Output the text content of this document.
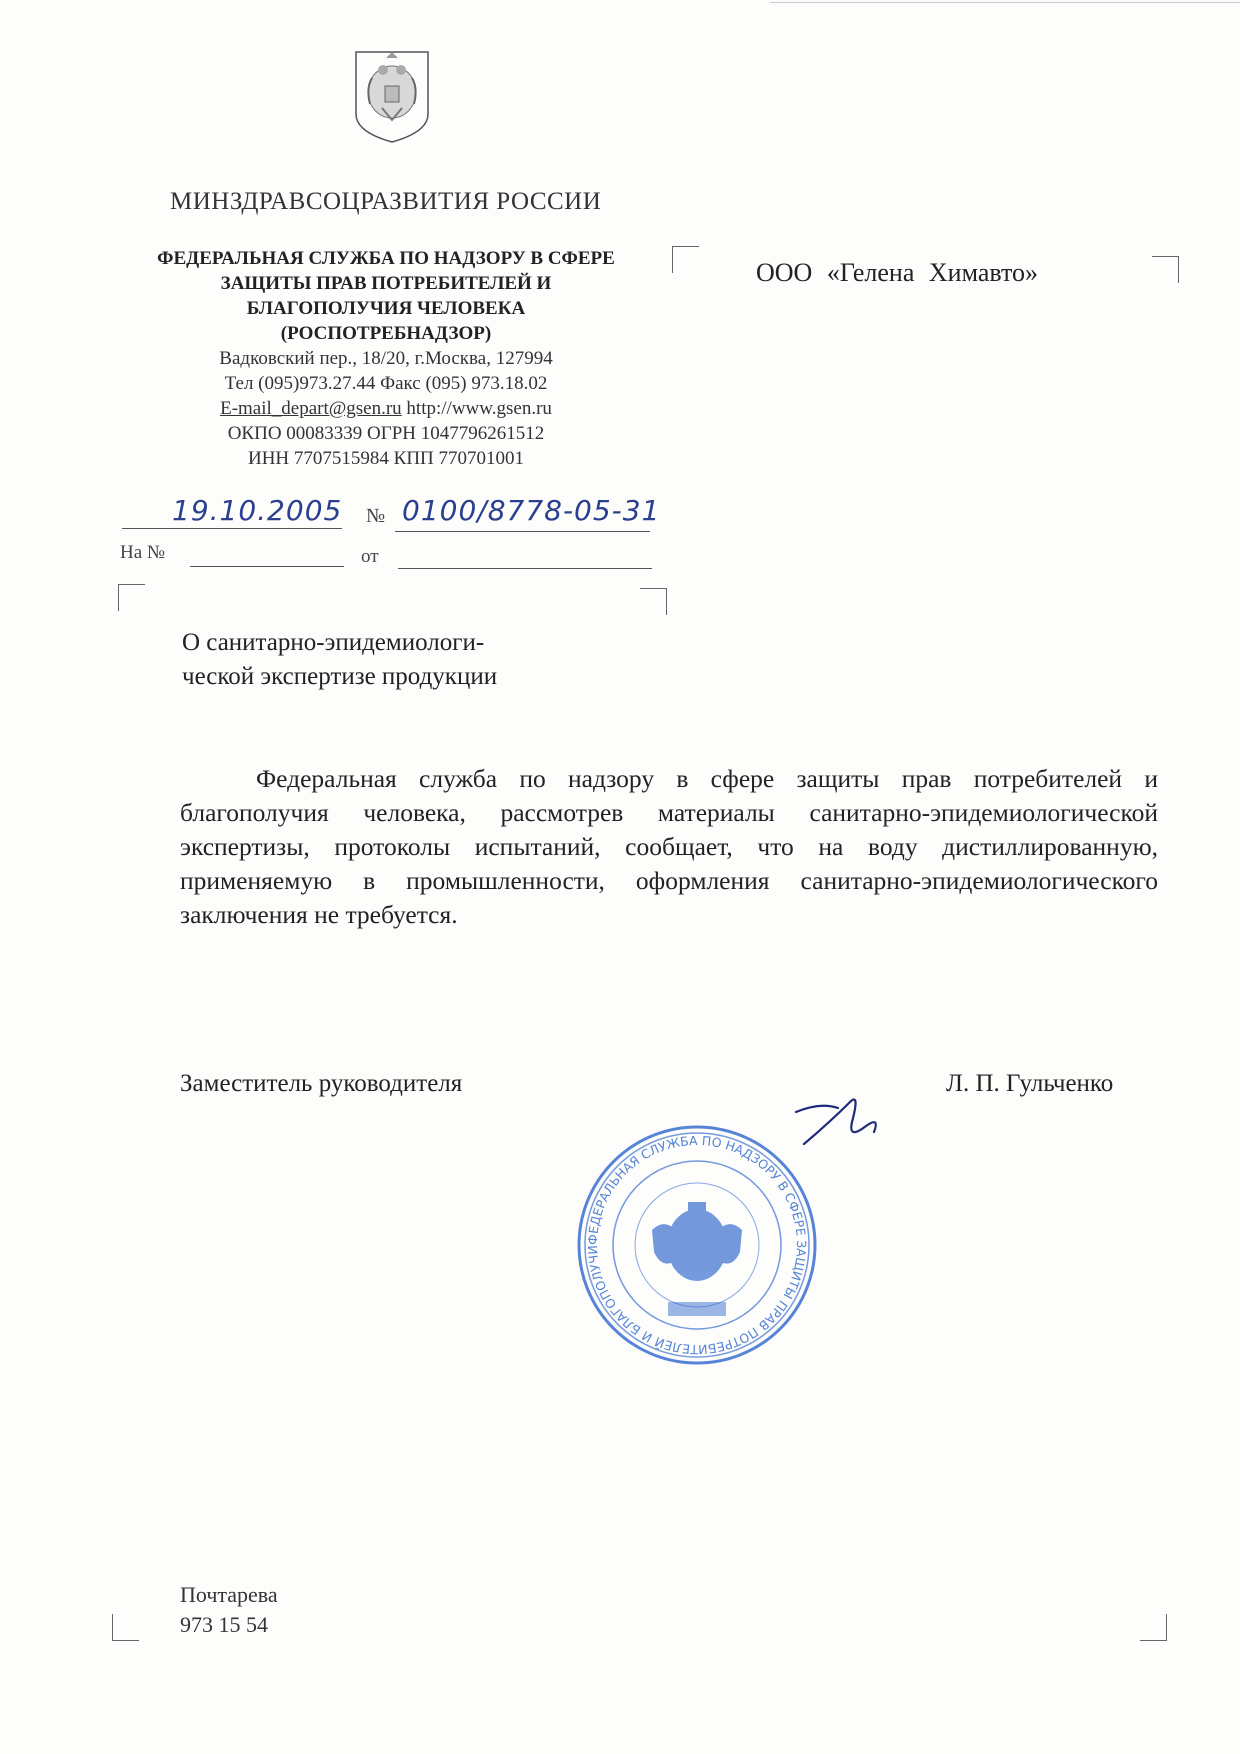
МИНЗДРАВСОЦРАЗВИТИЯ РОССИИ
ФЕДЕРАЛЬНАЯ СЛУЖБА ПО НАДЗОРУ В СФЕРЕ
ЗАЩИТЫ ПРАВ ПОТРЕБИТЕЛЕЙ И
БЛАГОПОЛУЧИЯ ЧЕЛОВЕКА
(РОСПОТРЕБНАДЗОР)
Вадковский пер., 18/20, г.Москва, 127994
Тел (095)973.27.44 Факс (095) 973.18.02
E-mail_depart@gsen.ru http://www.gsen.ru
ОКПО 00083339 ОГРН 1047796261512
ИНН 7707515984 КПП 770701001
ООО «Гелена Химавто»
19.10.2005 № 0100/8778-05-31
На №	от
О санитарно-эпидемиологи-
ческой экспертизе продукции
Федеральная служба по надзору в сфере защиты прав потребителей и благополучия человека, рассмотрев материалы санитарно-эпидемиологической экспертизы, протоколы испытаний, сообщает, что на воду дистиллированную, применяемую в промышленности, оформления санитарно-эпидемиологического заключения не требуется.
Заместитель руководителя	Л. П. Гульченко
ФЕДЕРАЛЬНАЯ СЛУЖБА ПО НАДЗОРУ В СФЕРЕ ЗАЩИТЫ ПРАВ ПОТРЕБИТЕЛЕЙ И БЛАГОПОЛУЧИ
Почтарева
973 15 54
